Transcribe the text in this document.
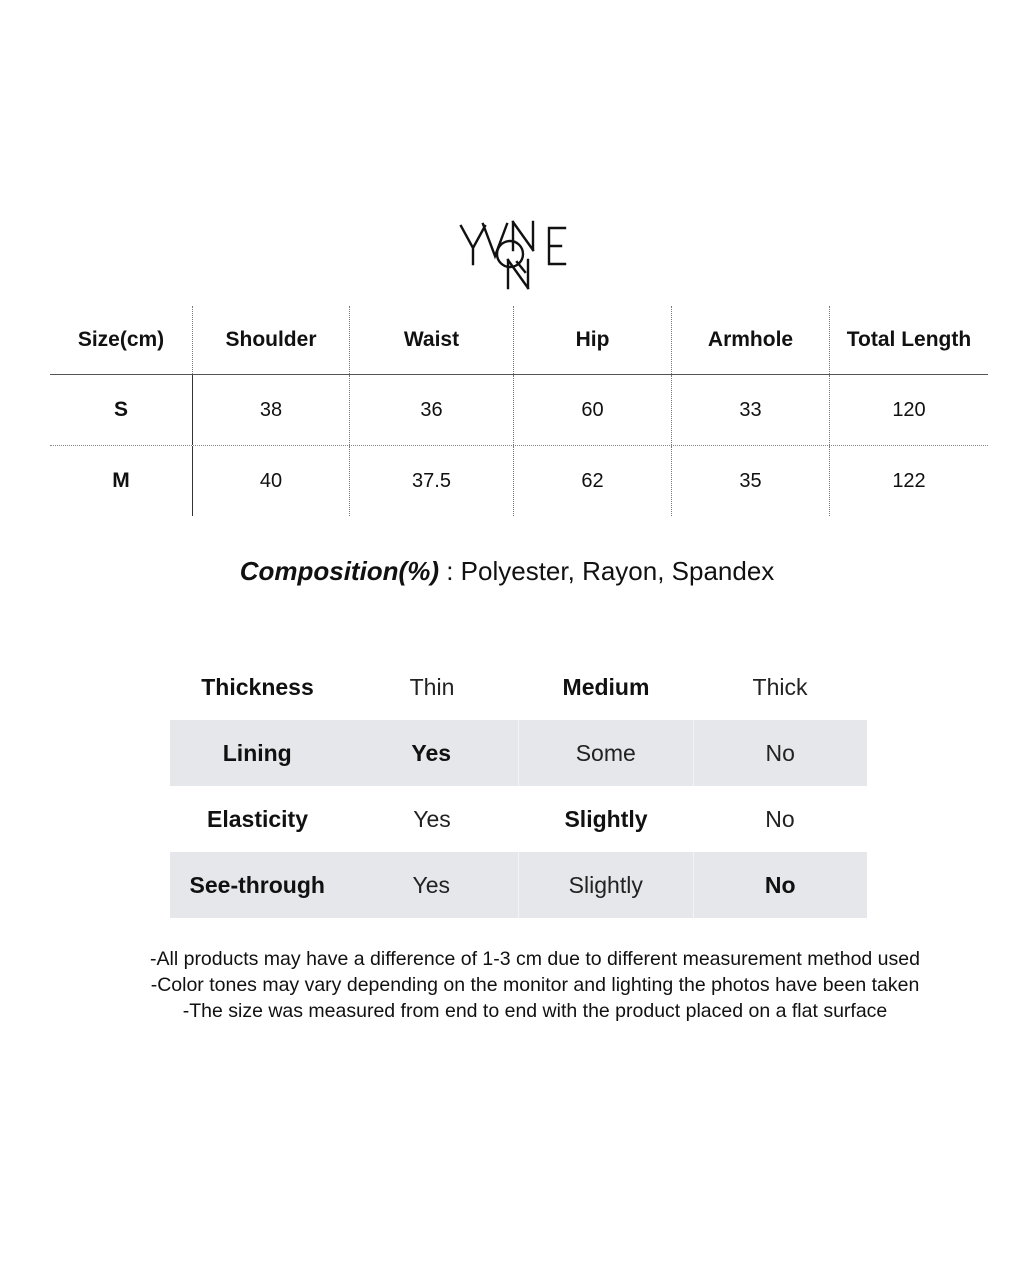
Size(cm)	Shoulder	Waist	Hip	Armhole	Total Length
S	38	36	60	33	120
M	40	37.5	62	35	122
Composition(%) : Polyester, Rayon, Spandex
Thickness	Thin	Medium	Thick
Lining	Yes	Some	No
Elasticity	Yes	Slightly	No
See-through	Yes	Slightly	No
-All products may have a difference of 1-3 cm due to different measurement method used
-Color tones may vary depending on the monitor and lighting the photos have been taken
-The size was measured from end to end with the product placed on a flat surface
